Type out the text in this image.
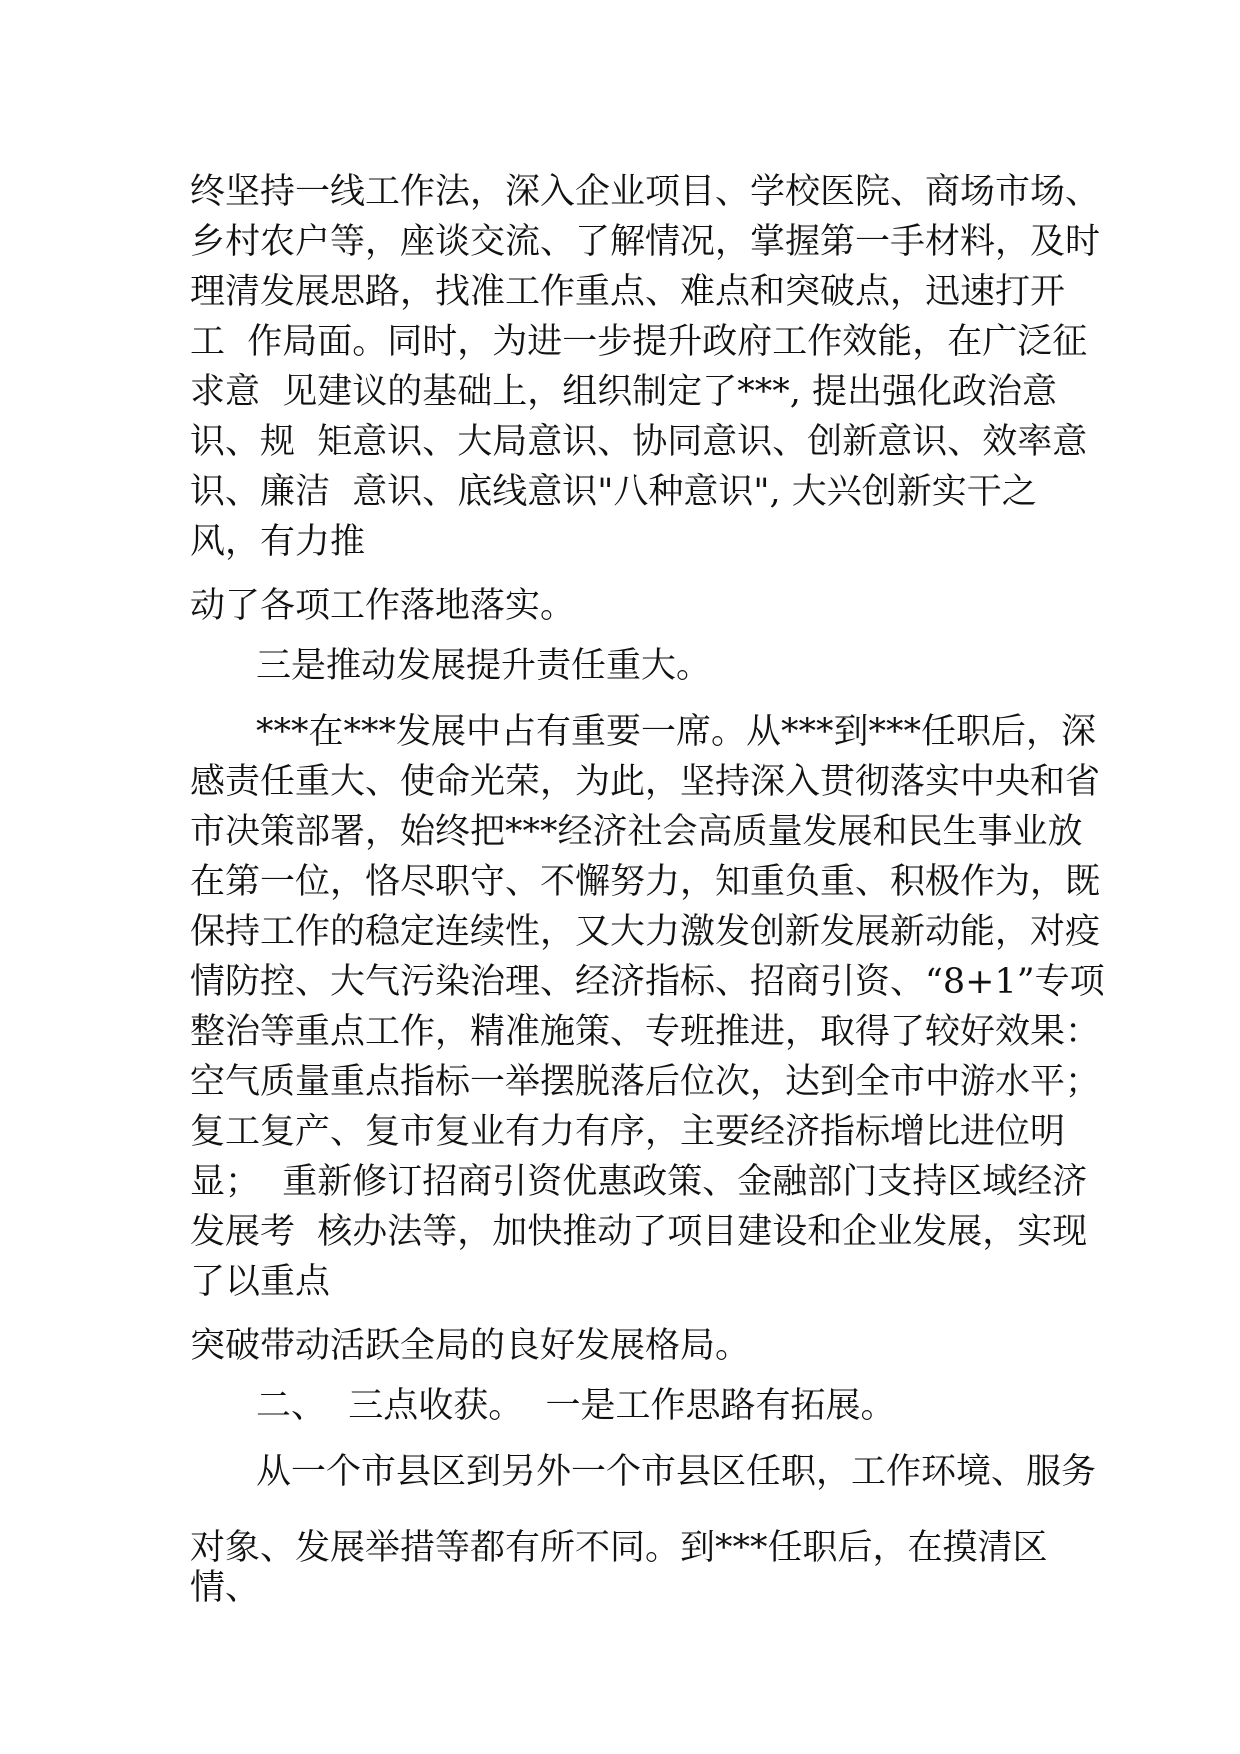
终坚持一线工作法，深入企业项目、学校医院、商场市场、
乡村农户等，座谈交流、了解情况，掌握第一手材料，及时
理清发展思路，找准工作重点、难点和突破点，迅速打开
工  作局面。同时，为进一步提升政府工作效能，在广泛征
求意  见建议的基础上，组织制定了***, 提出强化政治意
识、规  矩意识、大局意识、协同意识、创新意识、效率意
识、廉洁  意识、底线意识"八种意识", 大兴创新实干之
风，有力推
动了各项工作落地落实。
三是推动发展提升责任重大。
***在***发展中占有重要一席。从***到***任职后，深
感责任重大、使命光荣，为此，坚持深入贯彻落实中央和省
市决策部署，始终把***经济社会高质量发展和民生事业放
在第一位，恪尽职守、不懈努力，知重负重、积极作为，既
保持工作的稳定连续性，又大力激发创新发展新动能，对疫
情防控、大气污染治理、经济指标、招商引资、“8+1”专项
整治等重点工作，精准施策、专班推进，取得了较好效果：
空气质量重点指标一举摆脱落后位次，达到全市中游水平；
复工复产、复市复业有力有序，主要经济指标增比进位明
显；  重新修订招商引资优惠政策、金融部门支持区域经济
发展考  核办法等，加快推动了项目建设和企业发展，实现
了以重点
突破带动活跃全局的良好发展格局。
二、  三点收获。  一是工作思路有拓展。
从一个市县区到另外一个市县区任职，工作环境、服务
对象、发展举措等都有所不同。到***任职后，在摸清区
情、
